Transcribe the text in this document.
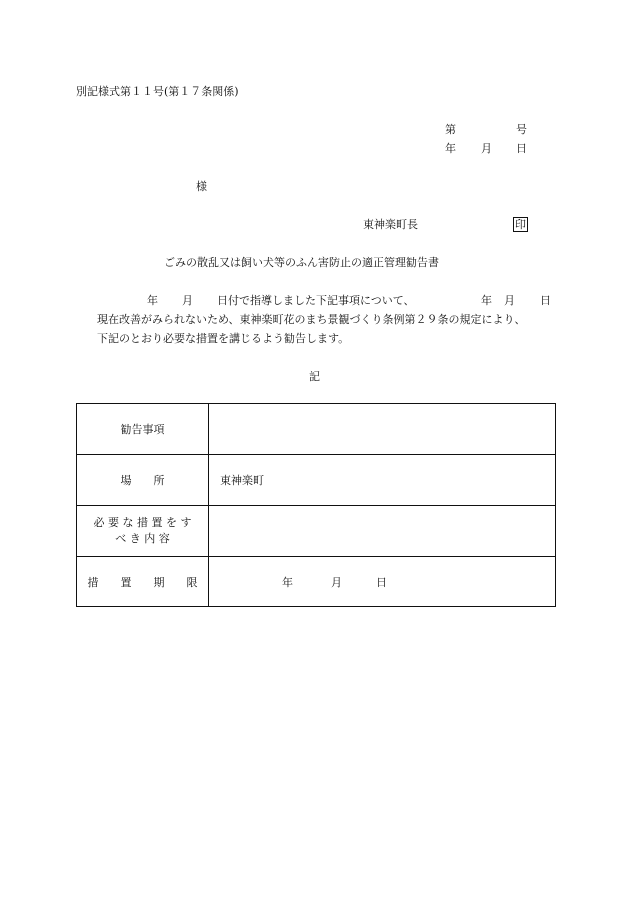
別記様式第１１号(第１７条関係)
第	号
年 月 日
様
東神楽町長	印
ごみの散乱又は飼い犬等のふん害防止の適正管理勧告書
年 月 日付で指導しました下記事項について、	年 月 日
現在改善がみられないため、東神楽町花のまち景観づくり条例第２９条の規定により、
下記のとおり必要な措置を講じるよう勧告します。
記
勧告事項
場　　所	東神楽町
必 要 な 措 置 を す
べ き 内 容
措　　置　　期　　限	年	月	日
